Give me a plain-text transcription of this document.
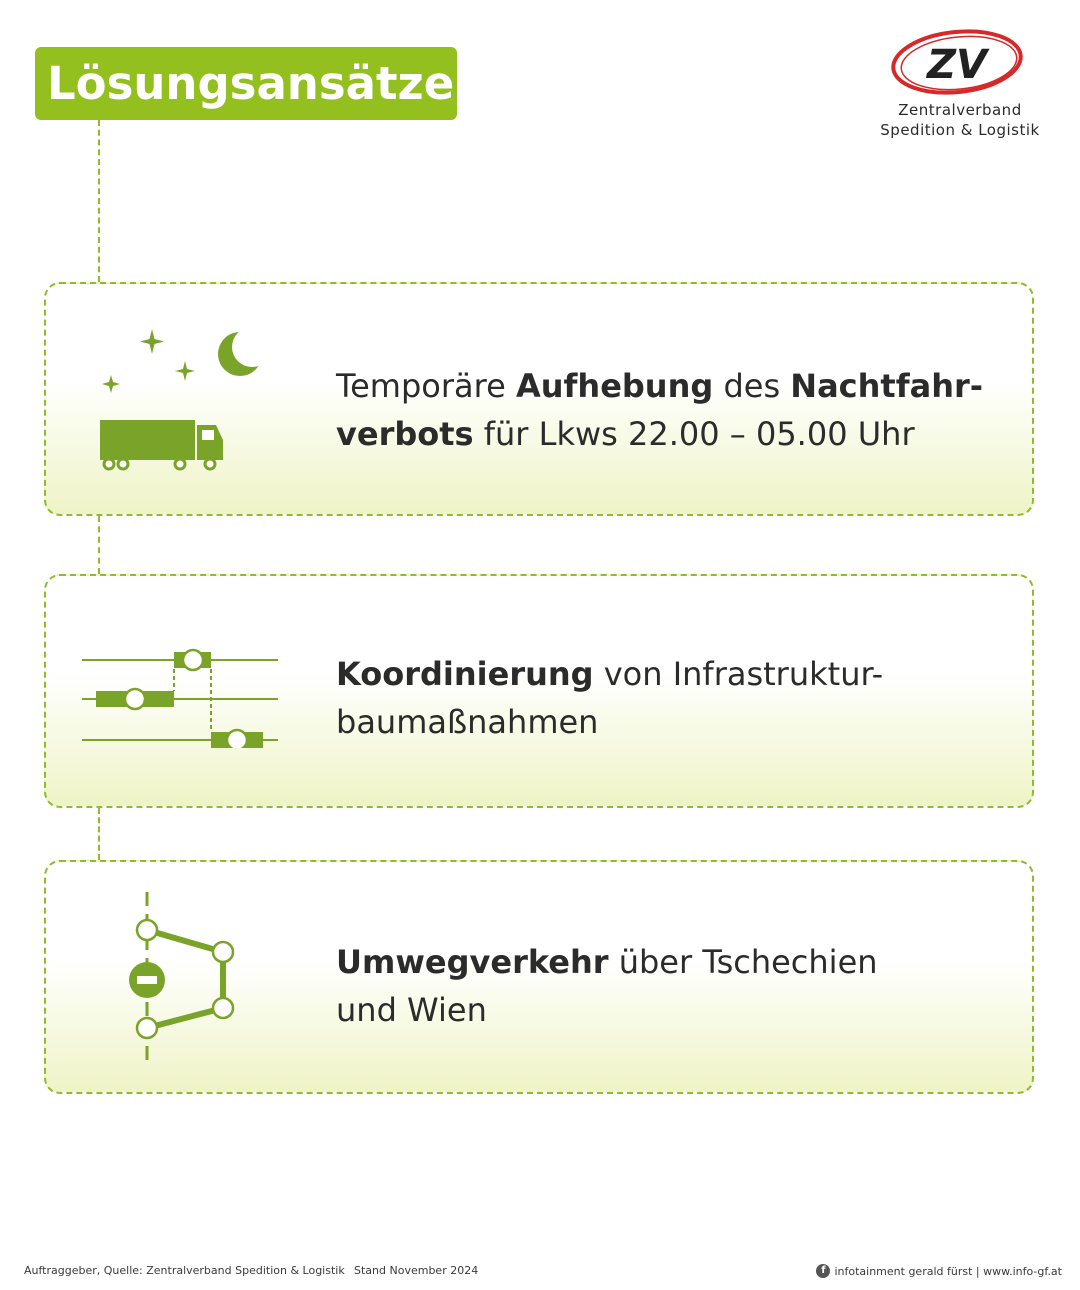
Lösungsansätze	ZV
Zentralverband
Spedition & Logistik
Temporäre Aufhebung des Nachtfahr-
verbots für Lkws 22.00 – 05.00 Uhr
Koordinierung von Infrastruktur-
baumaßnahmen
Umwegverkehr über Tschechien
und Wien
Auftraggeber, Quelle: Zentralverband Spedition & Logistik Stand November 2024	f infotainment gerald fürst | www.info-gf.at
